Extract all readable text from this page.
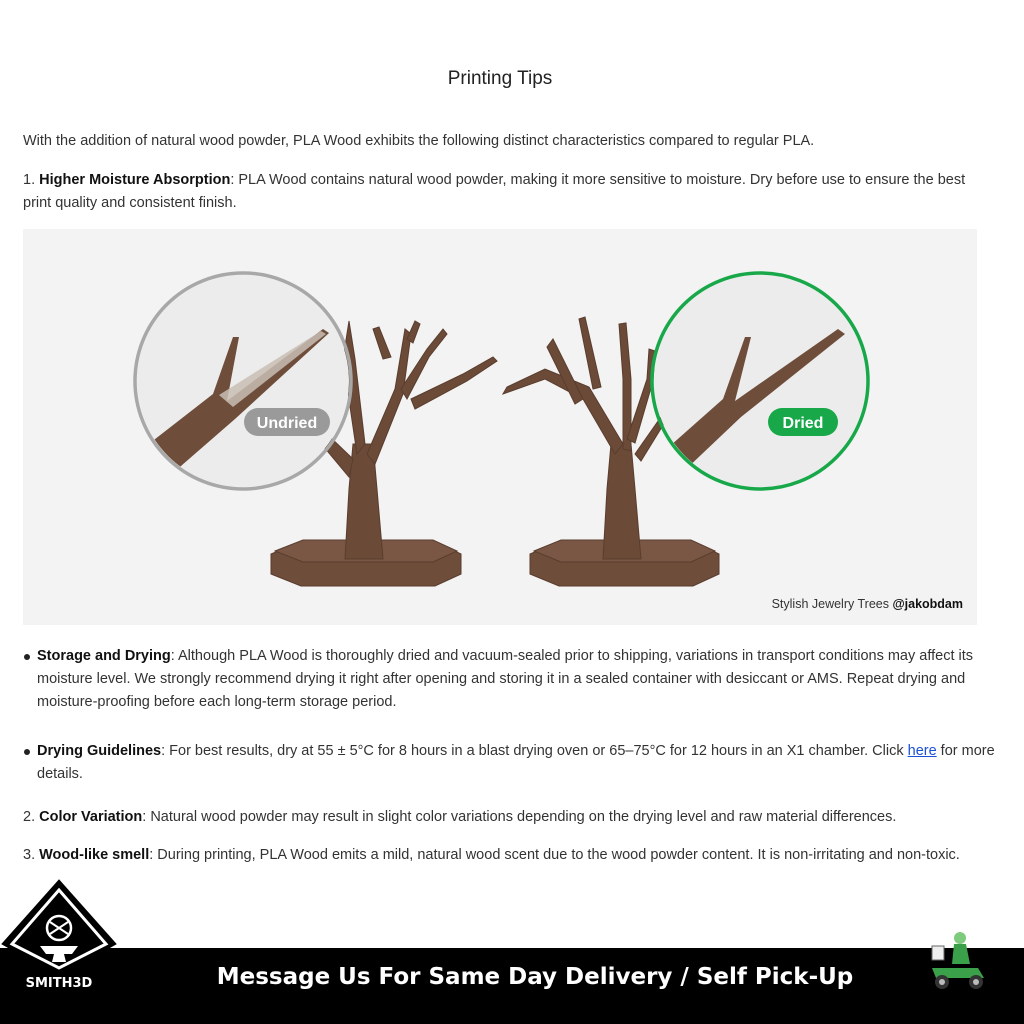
Printing Tips

With the addition of natural wood powder, PLA Wood exhibits the following distinct characteristics compared to regular PLA.

1. Higher Moisture Absorption: PLA Wood contains natural wood powder, making it more sensitive to moisture. Dry before use to ensure the best print quality and consistent finish.

Undried	Dried
Stylish Jewelry Trees @jakobdam

Storage and Drying: Although PLA Wood is thoroughly dried and vacuum-sealed prior to shipping, variations in transport conditions may affect its moisture level. We strongly recommend drying it right after opening and storing it in a sealed container with desiccant or AMS. Repeat drying and moisture-proofing before each long-term storage period.

Drying Guidelines: For best results, dry at 55 ± 5°C for 8 hours in a blast drying oven or 65–75°C for 12 hours in an X1 chamber. Click here for more details.

2. Color Variation: Natural wood powder may result in slight color variations depending on the drying level and raw material differences.

3. Wood-like smell: During printing, PLA Wood emits a mild, natural wood scent due to the wood powder content. It is non-irritating and non-toxic.

SMITH3D	Message Us For Same Day Delivery / Self Pick-Up
